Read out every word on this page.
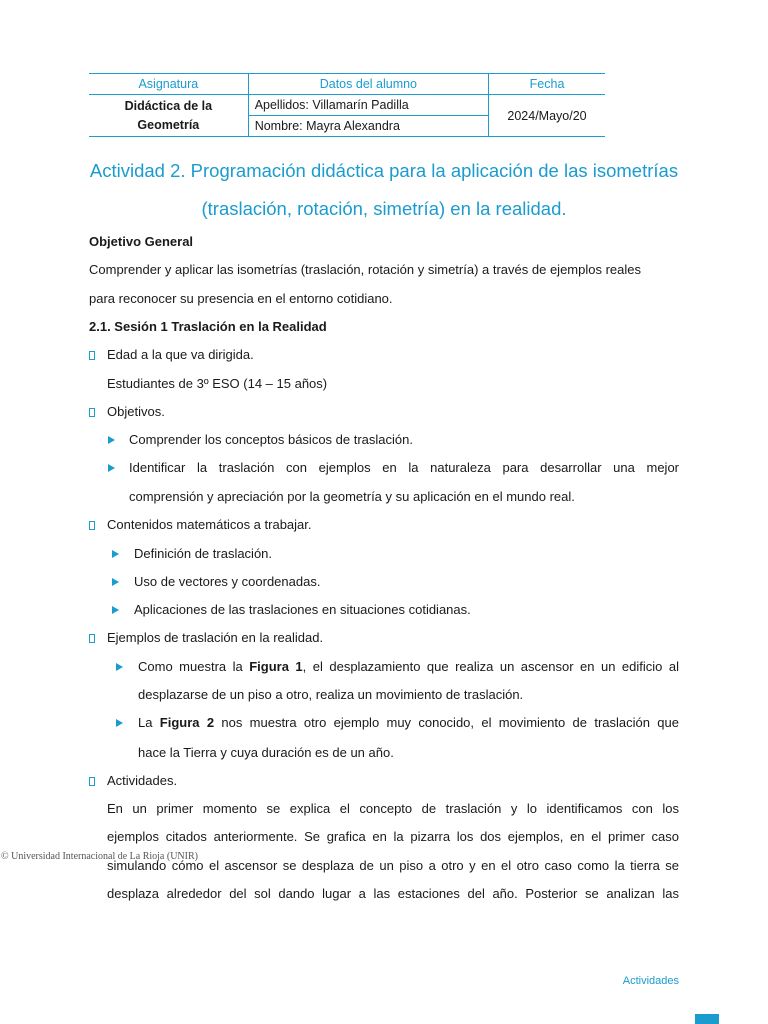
Asignatura	Datos del alumno	Fecha

Didáctica de la
Geometría	Apellidos: Villamarín Padilla	2024/Mayo/20
	Nombre: Mayra Alexandra	
Actividad 2. Programación didáctica para la aplicación de las isometrías
(traslación, rotación, simetría) en la realidad.
Objetivo General
Comprender y aplicar las isometrías (traslación, rotación y simetría) a través de ejemplos reales
para reconocer su presencia en el entorno cotidiano.
2.1. Sesión 1 Traslación en la Realidad
Edad a la que va dirigida.
Estudiantes de 3º ESO (14 – 15 años)
Objetivos.
Comprender los conceptos básicos de traslación.
Identificar la traslación con ejemplos en la naturaleza para desarrollar una mejor
comprensión y apreciación por la geometría y su aplicación en el mundo real.
Contenidos matemáticos a trabajar.
Definición de traslación.
Uso de vectores y coordenadas.
Aplicaciones de las traslaciones en situaciones cotidianas.
Ejemplos de traslación en la realidad.
Como muestra la Figura 1, el desplazamiento que realiza un ascensor en un edificio al
desplazarse de un piso a otro, realiza un movimiento de traslación.
La Figura 2 nos muestra otro ejemplo muy conocido, el movimiento de traslación que
hace la Tierra y cuya duración es de un año.
Actividades.
En un primer momento se explica el concepto de traslación y lo identificamos con los
ejemplos citados anteriormente. Se grafica en la pizarra los dos ejemplos, en el primer caso
simulando cómo el ascensor se desplaza de un piso a otro y en el otro caso como la tierra se
desplaza alrededor del sol dando lugar a las estaciones del año. Posterior se analizan las
© Universidad Internacional de La Rioja (UNIR)
Actividades
